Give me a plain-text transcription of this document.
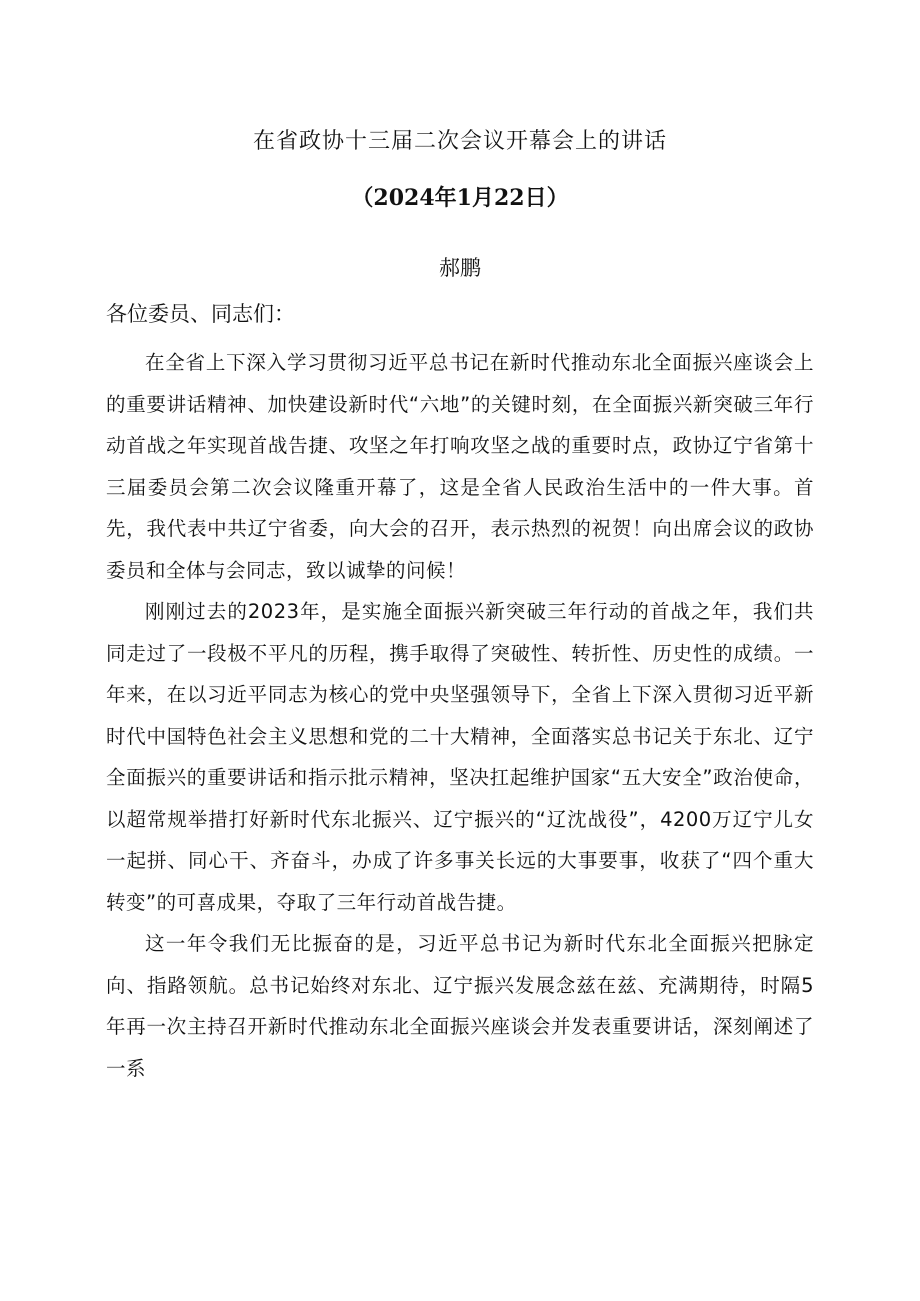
在省政协十三届二次会议开幕会上的讲话
（2024年1月22日）
郝鹏
各位委员、同志们：

在全省上下深入学习贯彻习近平总书记在新时代推动东北全面振兴座谈会上的重要讲话精神、加快建设新时代“六地”的关键时刻，在全面振兴新突破三年行动首战之年实现首战告捷、攻坚之年打响攻坚之战的重要时点，政协辽宁省第十三届委员会第二次会议隆重开幕了，这是全省人民政治生活中的一件大事。首先，我代表中共辽宁省委，向大会的召开，表示热烈的祝贺！向出席会议的政协委员和全体与会同志，致以诚挚的问候！

刚刚过去的2023年，是实施全面振兴新突破三年行动的首战之年，我们共同走过了一段极不平凡的历程，携手取得了突破性、转折性、历史性的成绩。一年来，在以习近平同志为核心的党中央坚强领导下，全省上下深入贯彻习近平新时代中国特色社会主义思想和党的二十大精神，全面落实总书记关于东北、辽宁全面振兴的重要讲话和指示批示精神，坚决扛起维护国家“五大安全”政治使命，以超常规举措打好新时代东北振兴、辽宁振兴的“辽沈战役”，4200万辽宁儿女一起拼、同心干、齐奋斗，办成了许多事关长远的大事要事，收获了“四个重大转变”的可喜成果，夺取了三年行动首战告捷。

这一年令我们无比振奋的是，习近平总书记为新时代东北全面振兴把脉定向、指路领航。总书记始终对东北、辽宁振兴发展念兹在兹、充满期待，时隔5年再一次主持召开新时代推动东北全面振兴座谈会并发表重要讲话，深刻阐述了一系
